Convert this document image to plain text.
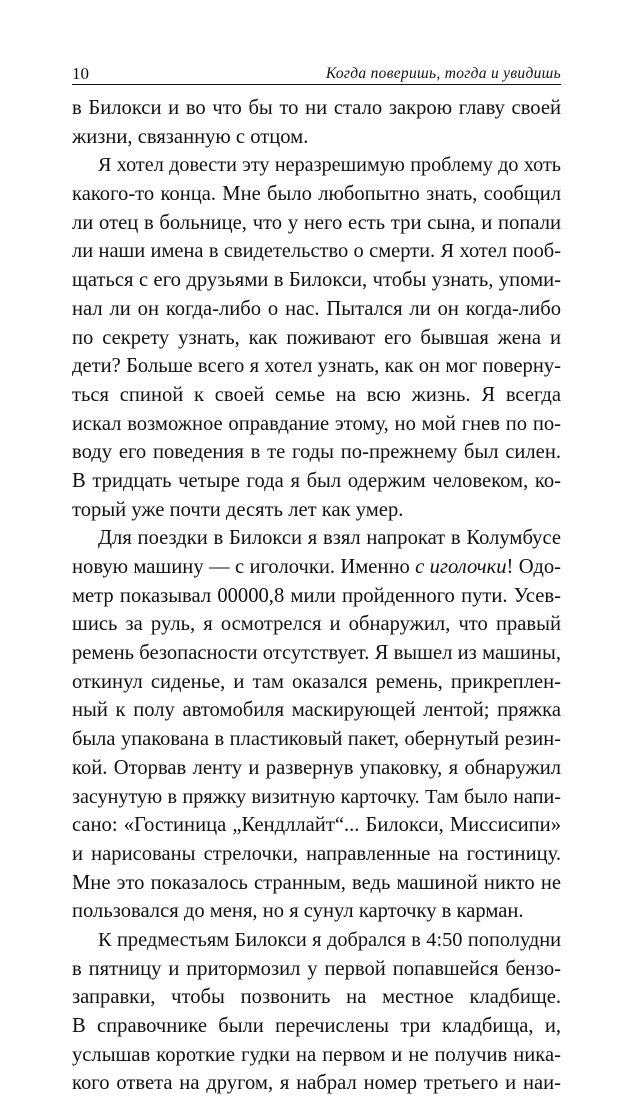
10	Когда поверишь, тогда и увидишь
в Билокси и во что бы то ни стало закрою главу своей
жизни, связанную с отцом.
Я хотел довести эту неразрешимую проблему до хоть
какого-то конца. Мне было любопытно знать, сообщил
ли отец в больнице, что у него есть три сына, и попали
ли наши имена в свидетельство о смерти. Я хотел пооб-
щаться с его друзьями в Билокси, чтобы узнать, упоми-
нал ли он когда-либо о нас. Пытался ли он когда-либо
по секрету узнать, как поживают его бывшая жена и
дети? Больше всего я хотел узнать, как он мог поверну-
ться спиной к своей семье на всю жизнь. Я всегда
искал возможное оправдание этому, но мой гнев по по-
воду его поведения в те годы по-прежнему был силен.
В тридцать четыре года я был одержим человеком, ко-
торый уже почти десять лет как умер.
Для поездки в Билокси я взял напрокат в Колумбусе
новую машину — с иголочки. Именно с иголочки! Одо-
метр показывал 00000,8 мили пройденного пути. Усев-
шись за руль, я осмотрелся и обнаружил, что правый
ремень безопасности отсутствует. Я вышел из машины,
откинул сиденье, и там оказался ремень, прикреплен-
ный к полу автомобиля маскирующей лентой; пряжка
была упакована в пластиковый пакет, обернутый резин-
кой. Оторвав ленту и развернув упаковку, я обнаружил
засунутую в пряжку визитную карточку. Там было напи-
сано: «Гостиница „Кендллайт“... Билокси, Миссисипи»
и нарисованы стрелочки, направленные на гостиницу.
Мне это показалось странным, ведь машиной никто не
пользовался до меня, но я сунул карточку в карман.
К предместьям Билокси я добрался в 4:50 пополудни
в пятницу и притормозил у первой попавшейся бензо-
заправки, чтобы позвонить на местное кладбище.
В справочнике были перечислены три кладбища, и,
услышав короткие гудки на первом и не получив ника-
кого ответа на другом, я набрал номер третьего и наи-
